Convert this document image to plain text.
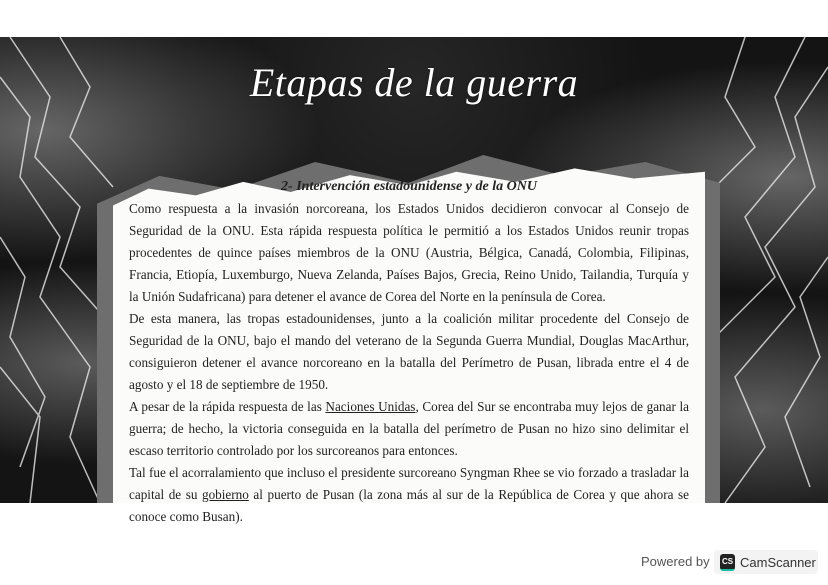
Etapas de la guerra
2- Intervención estadounidense y de la ONU

Como respuesta a la invasión norcoreana, los Estados Unidos decidieron convocar al Consejo de Seguridad de la ONU. Esta rápida respuesta política le permitió a los Estados Unidos reunir tropas procedentes de quince países miembros de la ONU (Austria, Bélgica, Canadá, Colombia, Filipinas, Francia, Etiopía, Luxemburgo, Nueva Zelanda, Países Bajos, Grecia, Reino Unido, Tailandia, Turquía y la Unión Sudafricana) para detener el avance de Corea del Norte en la península de Corea.

De esta manera, las tropas estadounidenses, junto a la coalición militar procedente del Consejo de Seguridad de la ONU, bajo el mando del veterano de la Segunda Guerra Mundial, Douglas MacArthur, consiguieron detener el avance norcoreano en la batalla del Perímetro de Pusan, librada entre el 4 de agosto y el 18 de septiembre de 1950.

A pesar de la rápida respuesta de las Naciones Unidas, Corea del Sur se encontraba muy lejos de ganar la guerra; de hecho, la victoria conseguida en la batalla del perímetro de Pusan no hizo sino delimitar el escaso territorio controlado por los surcoreanos para entonces.

Tal fue el acorralamiento que incluso el presidente surcoreano Syngman Rhee se vio forzado a trasladar la capital de su gobierno al puerto de Pusan (la zona más al sur de la República de Corea y que ahora se conoce como Busan).

Powered by CS CamScanner
